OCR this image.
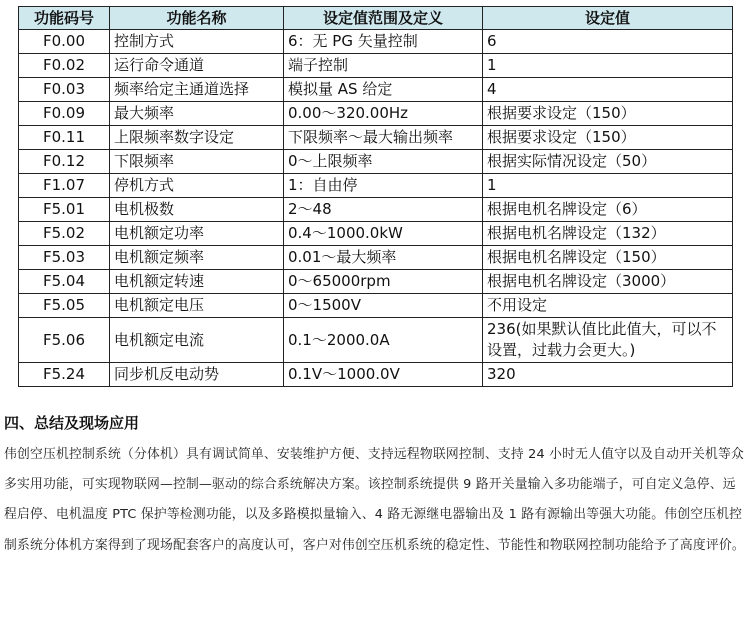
功能码号	功能名称	设定值范围及定义	设定值
F0.00	控制方式	6：无 PG 矢量控制	6
F0.02	运行命令通道	端子控制	1
F0.03	频率给定主通道选择	模拟量 AS 给定	4
F0.09	最大频率	0.00～320.00Hz	根据要求设定（150）
F0.11	上限频率数字设定	下限频率～最大输出频率	根据要求设定（150）
F0.12	下限频率	0～上限频率	根据实际情况设定（50）
F1.07	停机方式	1：自由停	1
F5.01	电机极数	2～48	根据电机名牌设定（6）
F5.02	电机额定功率	0.4～1000.0kW	根据电机名牌设定（132）
F5.03	电机额定频率	0.01～最大频率	根据电机名牌设定（150）
F5.04	电机额定转速	0～65000rpm	根据电机名牌设定（3000）
F5.05	电机额定电压	0～1500V	不用设定
F5.06	电机额定电流	0.1～2000.0A	236(如果默认值比此值大，可以不设置，过载力会更大。)
F5.24	同步机反电动势	0.1V～1000.0V	320
四、总结及现场应用

伟创空压机控制系统（分体机）具有调试简单、安装维护方便、支持远程物联网控制、支持 24 小时无人值守以及自动开关机等众多实用功能，可实现物联网—控制—驱动的综合系统解决方案。该控制系统提供 9 路开关量输入多功能端子，可自定义急停、远程启停、电机温度 PTC 保护等检测功能，以及多路模拟量输入、4 路无源继电器输出及 1 路有源输出等强大功能。伟创空压机控制系统分体机方案得到了现场配套客户的高度认可，客户对伟创空压机系统的稳定性、节能性和物联网控制功能给予了高度评价。
